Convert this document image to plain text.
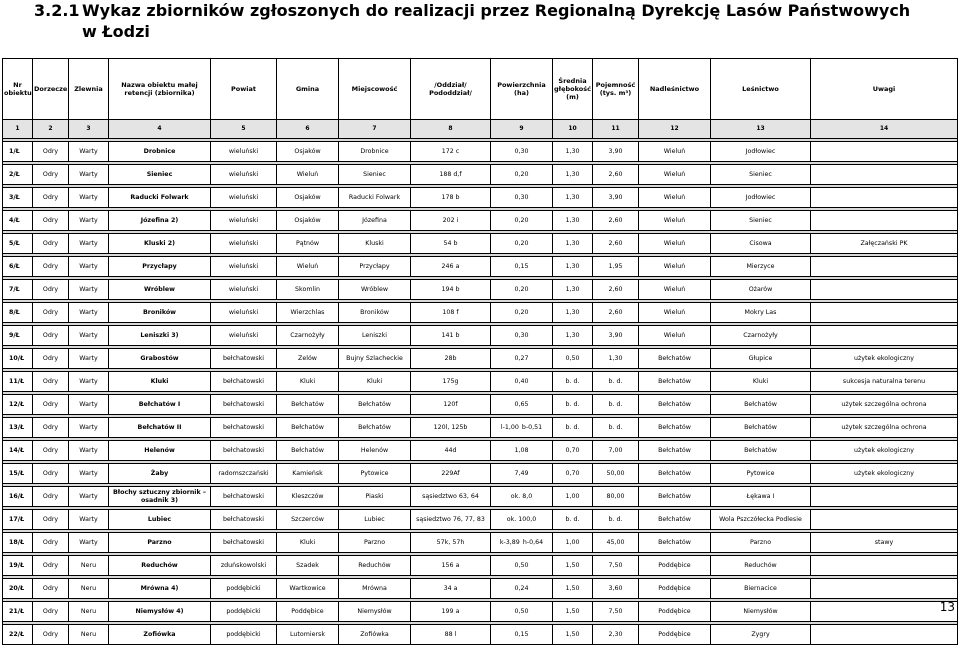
3.2.1 Wykaz zbiorników zgłoszonych do realizacji przez Regionalną Dyrekcję Lasów Państwowych
w Łodzi
Nr obiektu	Dorzecze	Zlewnia	Nazwa obiektu małej retencji (zbiornika)	Powiat	Gmina	Miejscowość	/Oddział/ Pododdział/	Powierzchnia (ha)	Średnia głębokość (m)	Pojemność (tys. m³)	Nadleśnictwo	Leśnictwo	Uwagi
1	2	3	4	5	6	7	8	9	10	11	12	13	14

1/Ł	Odry	Warty	Drobnice	wieluński	Osjaków	Drobnice	172 c	0,30	1,30	3,90	Wieluń	Jodłowiec	

2/Ł	Odry	Warty	Sieniec	wieluński	Wieluń	Sieniec	188 d,f	0,20	1,30	2,60	Wieluń	Sieniec	

3/Ł	Odry	Warty	Raducki Folwark	wieluński	Osjaków	Raducki Folwark	178 b	0,30	1,30	3,90	Wieluń	Jodłowiec	

4/Ł	Odry	Warty	Józefina 2)	wieluński	Osjaków	Józefina	202 i	0,20	1,30	2,60	Wieluń	Sieniec	

5/Ł	Odry	Warty	Kluski 2)	wieluński	Pątnów	Kluski	54 b	0,20	1,30	2,60	Wieluń	Cisowa	Załęczański PK

6/Ł	Odry	Warty	Przycłapy	wieluński	Wieluń	Przycłapy	246 a	0,15	1,30	1,95	Wieluń	Mierzyce	

7/Ł	Odry	Warty	Wróblew	wieluński	Skomlin	Wróblew	194 b	0,20	1,30	2,60	Wieluń	Ożarów	

8/Ł	Odry	Warty	Broników	wieluński	Wierzchlas	Broników	108 f	0,20	1,30	2,60	Wieluń	Mokry Las	

9/Ł	Odry	Warty	Leniszki 3)	wieluński	Czarnożyły	Leniszki	141 b	0,30	1,30	3,90	Wieluń	Czarnożyły	

10/Ł	Odry	Warty	Grabostów	bełchatowski	Zelów	Bujny Szlacheckie	28b	0,27	0,50	1,30	Bełchatów	Głupice	użytek ekologiczny

11/Ł	Odry	Warty	Kluki	bełchatowski	Kluki	Kluki	175g	0,40	b. d.	b. d.	Bełchatów	Kluki	sukcesja naturalna terenu

12/Ł	Odry	Warty	Bełchatów I	bełchatowski	Bełchatów	Bełchatów	120f	0,65	b. d.	b. d.	Bełchatów	Bełchatów	użytek szczególna ochrona

13/Ł	Odry	Warty	Bełchatów II	bełchatowski	Bełchatów	Bełchatów	120l, 125b	l-1,00 b-0,51	b. d.	b. d.	Bełchatów	Bełchatów	użytek szczególna ochrona

14/Ł	Odry	Warty	Helenów	bełchatowski	Bełchatów	Helenów	44d	1,08	0,70	7,00	Bełchatów	Bełchatów	użytek ekologiczny

15/Ł	Odry	Warty	Żaby	radomszczański	Kamieńsk	Pytowice	229Af	7,49	0,70	50,00	Bełchatów	Pytowice	użytek ekologiczny

16/Ł	Odry	Warty	Błochy sztuczny zbiornik – osadnik 3)	bełchatowski	Kleszczów	Piaski	sąsiedztwo 63, 64	ok. 8,0	1,00	80,00	Bełchatów	Łękawa I	

17/Ł	Odry	Warty	Lubiec	bełchatowski	Szczerców	Lubiec	sąsiedztwo 76, 77, 83	ok. 100,0	b. d.	b. d.	Bełchatów	Wola Pszczółecka Podlesie	

18/Ł	Odry	Warty	Parzno	bełchatowski	Kluki	Parzno	57k, 57h	k-3,89 h-0,64	1,00	45,00	Bełchatów	Parzno	stawy

19/Ł	Odry	Neru	Reduchów	zduńskowolski	Szadek	Reduchów	156 a	0,50	1,50	7,50	Poddębice	Reduchów	

20/Ł	Odry	Neru	Mrówna 4)	poddębicki	Wartkowice	Mrówna	34 a	0,24	1,50	3,60	Poddębice	Biernacice	

21/Ł	Odry	Neru	Niemysłów 4)	poddębicki	Poddębice	Niemysłów	199 a	0,50	1,50	7,50	Poddębice	Niemysłów	

22/Ł	Odry	Neru	Zofiówka	poddębicki	Lutomiersk	Zofiówka	88 l	0,15	1,50	2,30	Poddębice	Zygry	
13
